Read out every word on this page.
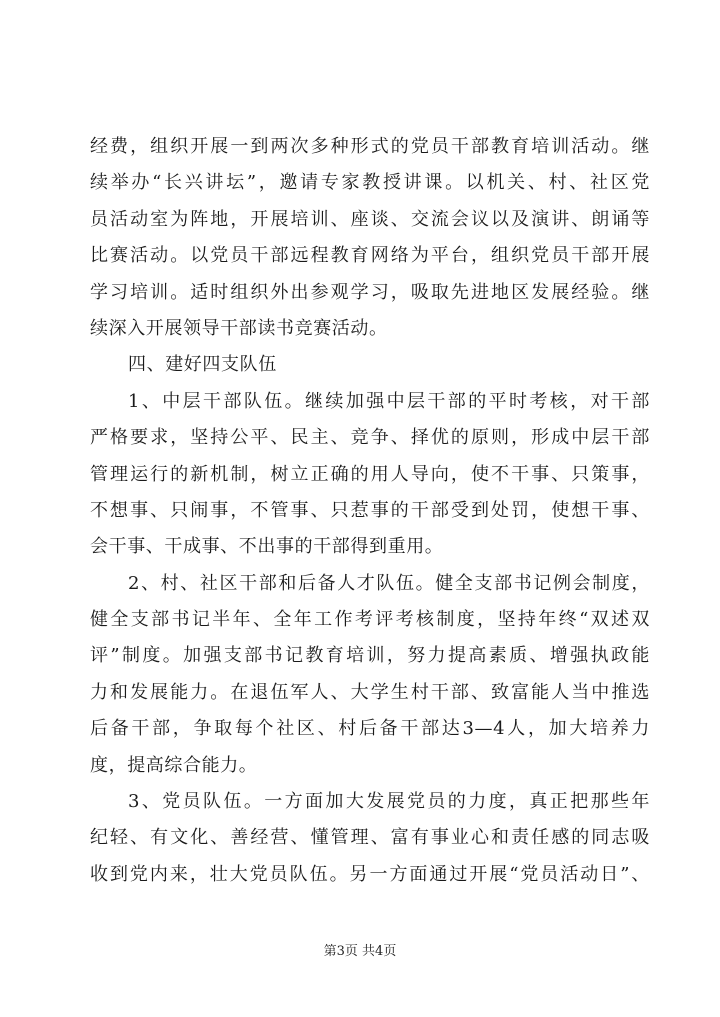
经费，组织开展一到两次多种形式的党员干部教育培训活动。继
续举办“长兴讲坛”，邀请专家教授讲课。以机关、村、社区党
员活动室为阵地，开展培训、座谈、交流会议以及演讲、朗诵等
比赛活动。以党员干部远程教育网络为平台，组织党员干部开展
学习培训。适时组织外出参观学习，吸取先进地区发展经验。继
续深入开展领导干部读书竞赛活动。
四、建好四支队伍
1、中层干部队伍。继续加强中层干部的平时考核，对干部
严格要求，坚持公平、民主、竞争、择优的原则，形成中层干部
管理运行的新机制，树立正确的用人导向，使不干事、只策事，
不想事、只闹事，不管事、只惹事的干部受到处罚，使想干事、
会干事、干成事、不出事的干部得到重用。
2、村、社区干部和后备人才队伍。健全支部书记例会制度，
健全支部书记半年、全年工作考评考核制度，坚持年终“双述双
评”制度。加强支部书记教育培训，努力提高素质、增强执政能
力和发展能力。在退伍军人、大学生村干部、致富能人当中推选
后备干部，争取每个社区、村后备干部达3—4人，加大培养力
度，提高综合能力。
3、党员队伍。一方面加大发展党员的力度，真正把那些年
纪轻、有文化、善经营、懂管理、富有事业心和责任感的同志吸
收到党内来，壮大党员队伍。另一方面通过开展“党员活动日”、
第3页 共4页
